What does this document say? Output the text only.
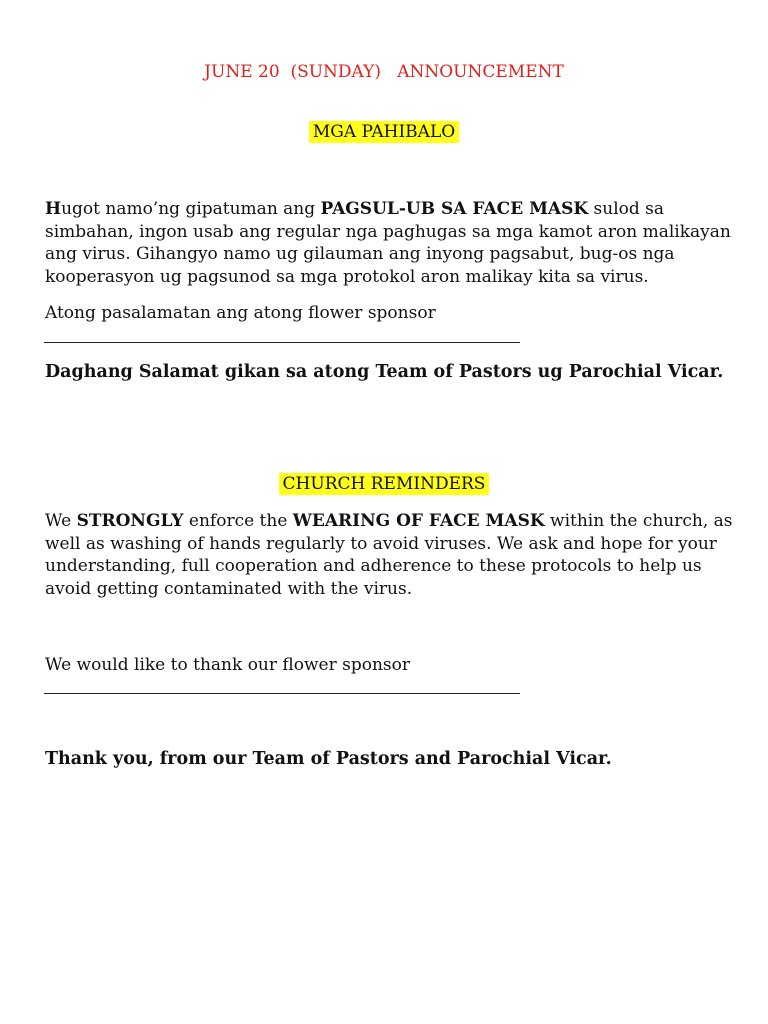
JUNE 20  (SUNDAY)   ANNOUNCEMENT
MGA PAHIBALO
Hugot namo’ng gipatuman ang PAGSUL-UB SA FACE MASK sulod sa simbahan, ingon usab ang regular nga paghugas sa mga kamot aron malikayan ang virus. Gihangyo namo ug gilauman ang inyong pagsabut, bug-os nga kooperasyon ug pagsunod sa mga protokol aron malikay kita sa virus.
Atong pasalamatan ang atong flower sponsor
Daghang Salamat gikan sa atong Team of Pastors ug Parochial Vicar.
CHURCH REMINDERS
We STRONGLY enforce the WEARING OF FACE MASK within the church, as well as washing of hands regularly to avoid viruses. We ask and hope for your understanding, full cooperation and adherence to these protocols to help us avoid getting contaminated with the virus.
We would like to thank our flower sponsor
Thank you, from our Team of Pastors and Parochial Vicar.
